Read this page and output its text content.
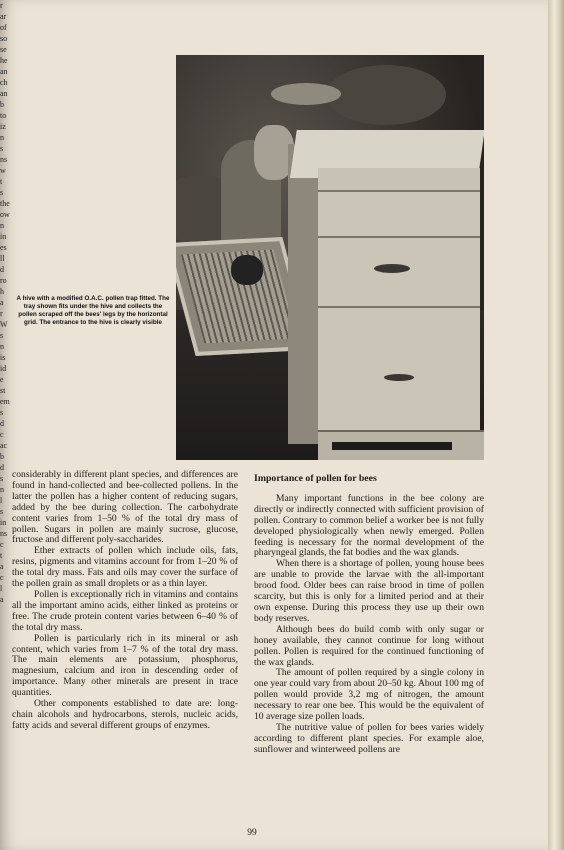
r
ar
of
so
se
he
an
ch
an
b
to
iz
n
s
ns
w
t
s
the
ow
n
in
es
ll
d
ro
h
a
r
W
s
n
is
id
e
st
em
s
d
c
ac
b
d
s
n
l
s
in
ns
c
t
a
c
l
a
A hive with a modified O.A.C. pollen trap fitted. The tray shown fits under the hive and collects the pollen scraped off the bees' legs by the horizontal grid. The entrance to the hive is clearly visible

considerably in different plant species, and differences are found in hand-collected and bee-collected pollens. In the latter the pollen has a higher content of reducing sugars, added by the bee during collection. The carbohydrate content varies from 1–50 % of the total dry mass of pollen. Sugars in pollen are mainly sucrose, glucose, fructose and different poly-saccharides.

Ether extracts of pollen which include oils, fats, resins, pigments and vitamins account for from 1–20 % of the total dry mass. Fats and oils may cover the surface of the pollen grain as small droplets or as a thin layer.

Pollen is exceptionally rich in vitamins and contains all the important amino acids, either linked as proteins or free. The crude protein content varies between 6–40 % of the total dry mass.

Pollen is particularly rich in its mineral or ash content, which varies from 1–7 % of the total dry mass. The main elements are potassium, phosphorus, magnesium, calcium and iron in descending order of importance. Many other minerals are present in trace quantities.

Other components established to date are: long-chain alcohols and hydrocarbons, sterols, nucleic acids, fatty acids and several different groups of enzymes.

Importance of pollen for bees

Many important functions in the bee colony are directly or indirectly connected with sufficient provision of pollen. Contrary to common belief a worker bee is not fully developed physiologically when newly emerged. Pollen feeding is necessary for the normal development of the pharyngeal glands, the fat bodies and the wax glands.

When there is a shortage of pollen, young house bees are unable to provide the larvae with the all-important brood food. Older bees can raise brood in time of pollen scarcity, but this is only for a limited period and at their own expense. During this process they use up their own body reserves.

Although bees do build comb with only sugar or honey available, they cannot continue for long without pollen. Pollen is required for the continued functioning of the wax glands.

The amount of pollen required by a single colony in one year could vary from about 20–50 kg. About 100 mg of pollen would provide 3,2 mg of nitrogen, the amount necessary to rear one bee. This would be the equivalent of 10 average size pollen loads.

The nutritive value of pollen for bees varies widely according to different plant species. For example aloe, sunflower and winterweed pollens are

99
